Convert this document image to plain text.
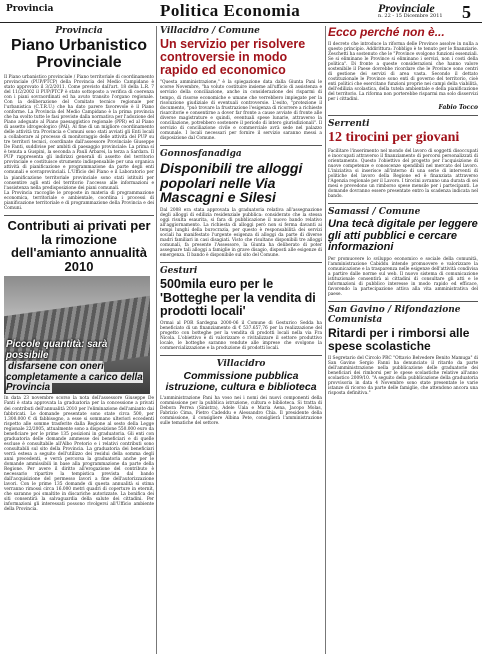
Provincia	Politica Economia	Provinciale
n. 22 - 15 Dicembre 2011 5
Provincia
Piano Urbanistico Provinciale

Il Piano urbanistico provinciale / Piano territoriale di coordinamento provinciale (PUP/PTCP) della Provincia del Medio Campidano è stato approvato il 3/2/2011. Come previsto dall'art. 18 della L.R. 7 del 11/2/2002 il PUP/PTCP è stato sottoposto a verifica di coerenza con i piani sovraordinati ed ha avuto transito l'organo regionale. Con la deliberazione del Comitato tecnico regionale per l'urbanistica (C.T.R.U.) che ha dato parere favorevole è il Piano conforme. La Provincia del Medio Campidano è la prima provincia che ha svolto tutte le fasi previste dalla normativa per l'adozione del Piano adeguato al Piano paesaggistico regionale (PPR) ed al Piano di assetto idrogeologico (PAI). Al fine di un migliore coordinamento delle attività tra Provincia e Comuni sono stati avviati gli Enti locali a collaborare al processo di monitoraggio delle attività del PUP su tre territori tecnici, coordinate dall'assessore Provinciale Giuseppe De Fanti, suddivise per ambiti di paesaggio provinciale: La prima si è tenuta a Guspini, la seconda a Paulì Arbarei, la terza a Sardara. Il PUP rappresenta gli indirizzi generali di assetto del territorio provinciale e costituisce strumento indispensabile per una organica attività di pianificazione e programmazione da parte degli enti comunali e sovraprovinciali. L'Ufficio del Piano e il Laboratorio per la pianificazione territoriale provinciale sono stati istituiti per consentire agli enti del territorio l'accesso alle informazioni e l'assistenza nella predisposizione dei piani comunali.

La Provincia raccoglie le proposte in materia di programmazione economica, territoriale e ambientale, coordina i processi di pianificazione territoriale e di programmazione della Provincia e dei Comuni.

Contributi ai privati per la rimozione dell'amianto annualità 2010
Piccole quantità: sarà possibile
disfarsene con oneri completamente a carico della Provincia

In data 23 novembre scorso la nota dell'assessore Giuseppe De Fanti è stata approvata la graduatoria per la concessione a privati dei contributi dell'annualità 2010 per l'eliminazione dell'amianto dai fabbricati. Le domande presentate sono state circa 500, per 1.300.000 € di fabbisogno, a esse si sommano ulteriori eccedenti rispetto alle somme trasferite dalla Regione al sesto della Legge regionale 22/2005, attualmente sono a disposizione 550.000 euro da beneficiare per le prime 135 posizioni in graduatoria. Gli enti con graduatoria delle domande ammesse dei beneficiari e di quelle escluse è consultabile all'Albo Pretorio e i relativi contributi sono consultabili sul sito della Provincia. La graduatoria dei beneficiari verrà estesa a seguito dell'utilizzo dei residui della somma degli anni precedenti, e verrà percorsa la graduatoria anche per le domande ammissibili in base alla programmazione da parte della Regione. Per avere il diritto all'erogazione del contributo è necessario ripartire la tempistica prevista dal bando dall'acquisizione del permesso lavori a fine dell'autorizzazione lavori. Con le prime 135 domande di questa annualità si stima verranno rimossi circa 16.000 metri quadri di coperture in eternit, che saranno poi smaltite in discariche autorizzate. La bonifica dei siti consentirà la salvaguardia della salute dei cittadini. Per informazioni gli interessati possono rivolgersi all'Ufficio ambiente della Provincia.

Villacidro / Comune
Un servizio per risolvere controversie in modo rapido ed economico

"Questa amministrazione," è la spiegazione data dalla Giunta Pani le scorse Novembre, "ha voluto costituire insieme all'ufficio di assistenza e servizio della conciliazione, anche in considerazione dei risparmi di tempo, di risorse economiche e umane che verrebbero impiegate per la risoluzione giudiziale di eventuali controversie. L'esito, "protezione il documento, "può trovare la frustrazione l'esigenza di ricorrere a richieste risarcitorie e consentirne a dover far fronte a cause avviate di fronte alle diverse magistrature e quindi, eventuali spese lunarie, attraverso la conciliazione, potrebbero sostenere il periodo di intero giurisdizionali". Il servizio di conciliazione civile e commerciale avrà sede nel palazzo comunale. I locali necessari per fornire il servizio saranno messi a disposizione dal Comune.

Gonnosfanadiga
Disponibili tre alloggi popolari nelle Via Mascagni e Silesi

Dal 2008 era stata approvata la graduatoria relativa all'assegnazione degli alloggi di edilizia residenziale pubblica: considerato che la stessa oggi risulta esaurita, si fara di pubblicazione il nuovo bando relativo all'aggiornamento. La richiesta di alloggi però non si ferma davanti ai tempi lunghi della burocrazia, per questo è responsabilità dei servizi sociali ha manifestato l'urgente esigenza di alloggi da parte di diverse madri familiari in casi disagiati. Visto che risultano disponibili tre alloggi comunali, fa presente l'Assessore, la Giunta ha deliberato di poter assegnare tali alloggi a famiglie in grave disagio, disposti alle esigenze di emergenza. Il bando è disponibile sul sito del Comune.

Gesturi
500mila euro per le 'Botteghe per la vendita di prodotti locali'

Ormai al POR Sardegna 2000-06 il Comune di Gesturico Sedda ha beneficiato di un finanziamento di € 537.657,76 per la realizzazione del progetto con botteghe per la vendita di prodotti locali nella via Fra Nicola. L'obiettivo è di valorizzare e rivitalizzare il settore produttivo locale, le botteghe saranno vendute alle imprese che svolgono la commercializzazione e la produzione di prodotti locali.

Villacidro
Commissione pubblica istruzione, cultura e biblioteca

L'amministrazione Pani ha voso nei i nomi dei nuovi componenti della commissione per la pubblica istruzione, cultura e biblioteca. Si tratta di Debora Perrea (Sinistra), Adele Uala e Maria Aena, Jacopo Molas, Fabrizio Cima, Pietro Cadeddu e Alessandro Chìa. Il presidente della commissione, il consigliere Albina Pete, consiglierà l'amministrazione sulle tematiche del settore.

Ecco perché non è...

Il decreto che introduce la riforma delle Province assolve in nulla a questo principio. Addirittura: l'obbligo è te tenuto per le finanziarie. Zeschetti ha sostenuto che le "Province svolgono funzioni essenziali. Se si eliminano le Province si eliminano i servizi, non i costi della politica". Di fronte a queste considerazioni che hanno valore sostenibile il Paese dovrebbe ricordare che le Province sono centri di gestione dei servizi di area vasta. Secondo il dettato costituzionale le Province sono enti di governo del territorio, cioè enti politici che esercitano funzioni proprie nei campi della viabilità, dell'edilizia scolastica, della tutela ambientale e della pianificazione del territorio. La riforma non porterebbe risparmi ma solo disservizi per i cittadini.

Fabio Tocco
Serrenti
12 tirocini per giovani

Facilitare l'inserimento nel mondo del lavoro di soggetti disoccupati e inoccupati attraverso il finanziamento di percorsi personalizzati di orientamento. Questo l'obiettivo del progetto per l'acquisizione di nuove competenze e conoscenze spendibili nel mercato del lavoro. L'iniziativa si inserisce all'interno di una serie di interventi di politiche del lavoro della Regione ed è finanziata attraverso l'Agenzia regionale per il Lavoro. I tirocini avranno una durata di sei mesi e prevedono un rimborso spese mensile per i partecipanti. Le domande dovranno essere presentate entro la scadenza indicata nel bando.

Samassi / Comune
Una tecà digitale per leggere gli atti pubblici e cercare informazioni

Per promuovere lo sviluppo economico e sociale della comunità, l'amministrazione Cabiddu intende promuovere e valorizzare la comunicazione e la trasparenza nelle esigenze dell'attività condivisa a partire dalle norme sul web. Il nuovo sistema di comunicazione istituzionale consentirà ai cittadini di consultare gli atti e le informazioni di pubblico interesse in modo rapido ed efficace, favorendo la partecipazione attiva alla vita amministrativa del paese.

San Gavino / Rifondazione Comunista
Ritardi per i rimborsi alle spese scolastiche

Il Segretario del Circolo PRC "Ottavio Belvedere Benito Mamuga" di San Gavino Sergio Fanni ha denunciato il ritardo da parte dell'amministrazione nella pubblicazione delle graduatorie dei beneficiari dei rimborsi per le spese scolastiche relative all'anno scolastico 2009/10. "A seguito della pubblicazione della graduatoria provvisoria in data 4 Novembre sono state presentate le varie istanze di ricorso da parte delle famiglie, che attendono ancora una risposta definitiva."
